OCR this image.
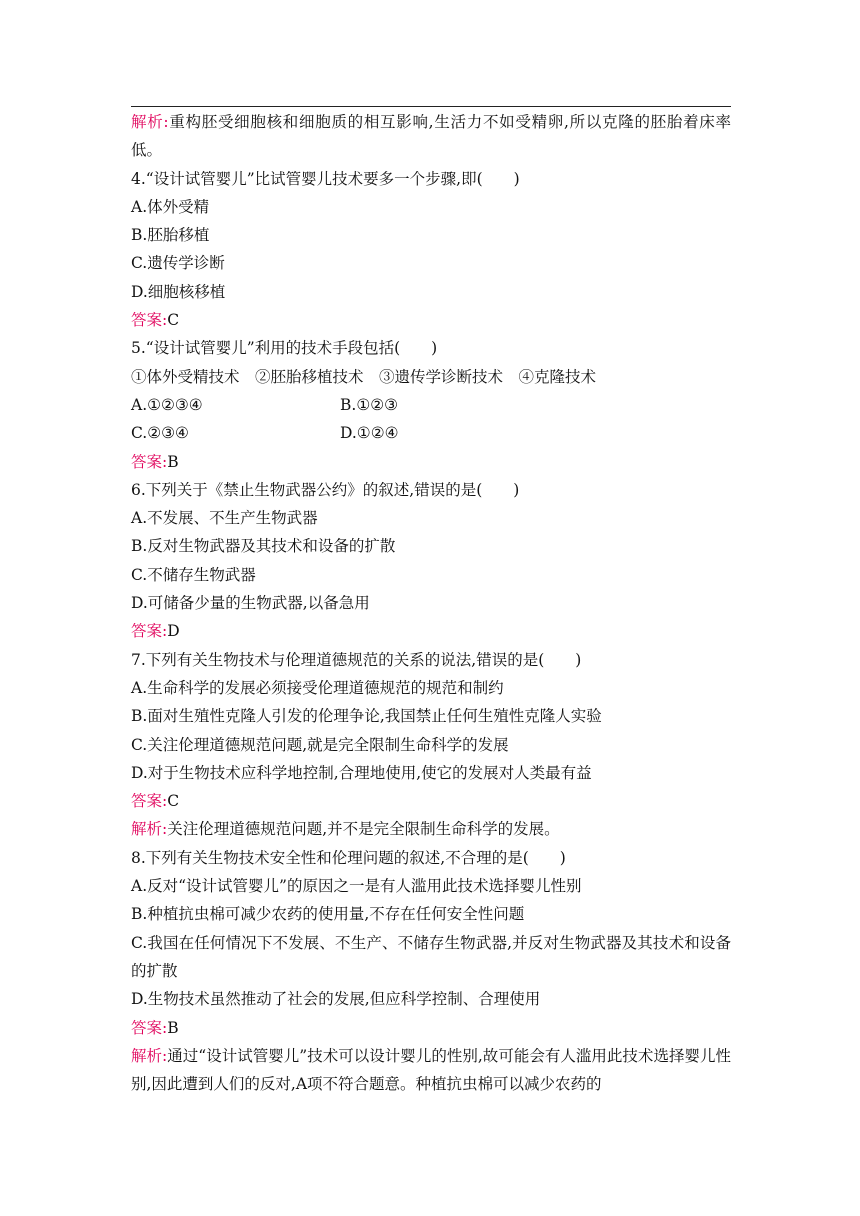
解析:重构胚受细胞核和细胞质的相互影响,生活力不如受精卵,所以克隆的胚胎着床率低。
4.“设计试管婴儿”比试管婴儿技术要多一个步骤,即(　　)
A.体外受精
B.胚胎移植
C.遗传学诊断
D.细胞核移植
答案:C
5.“设计试管婴儿”利用的技术手段包括(　　)
①体外受精技术　②胚胎移植技术　③遗传学诊断技术　④克隆技术
A.①②③④	B.①②③
C.②③④	D.①②④
答案:B
6.下列关于《禁止生物武器公约》的叙述,错误的是(　　)
A.不发展、不生产生物武器
B.反对生物武器及其技术和设备的扩散
C.不储存生物武器
D.可储备少量的生物武器,以备急用
答案:D
7.下列有关生物技术与伦理道德规范的关系的说法,错误的是(　　)
A.生命科学的发展必须接受伦理道德规范的规范和制约
B.面对生殖性克隆人引发的伦理争论,我国禁止任何生殖性克隆人实验
C.关注伦理道德规范问题,就是完全限制生命科学的发展
D.对于生物技术应科学地控制,合理地使用,使它的发展对人类最有益
答案:C
解析:关注伦理道德规范问题,并不是完全限制生命科学的发展。
8.下列有关生物技术安全性和伦理问题的叙述,不合理的是(　　)
A.反对“设计试管婴儿”的原因之一是有人滥用此技术选择婴儿性别
B.种植抗虫棉可减少农药的使用量,不存在任何安全性问题
C.我国在任何情况下不发展、不生产、不储存生物武器,并反对生物武器及其技术和设备的扩散
D.生物技术虽然推动了社会的发展,但应科学控制、合理使用
答案:B
解析:通过“设计试管婴儿”技术可以设计婴儿的性别,故可能会有人滥用此技术选择婴儿性别,因此遭到人们的反对,A项不符合题意。种植抗虫棉可以减少农药的
